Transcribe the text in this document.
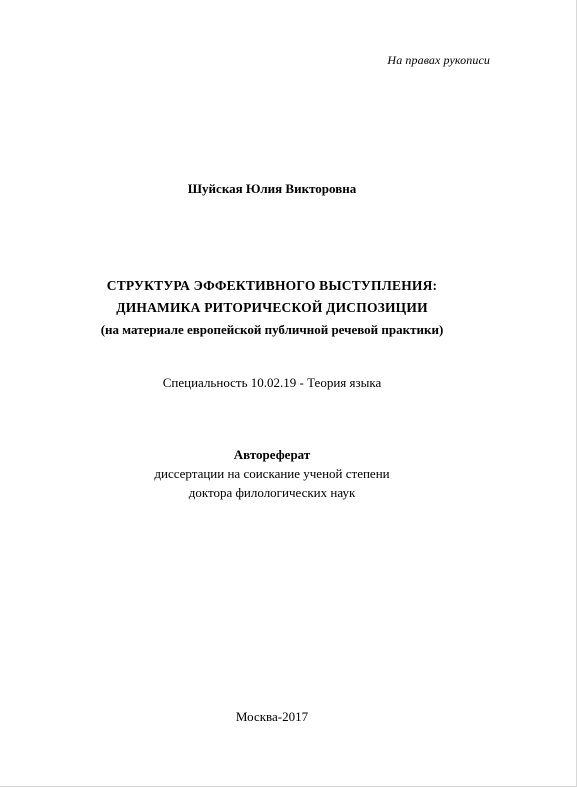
На правах рукописи
Шуйская Юлия Викторовна
СТРУКТУРА ЭФФЕКТИВНОГО ВЫСТУПЛЕНИЯ:
ДИНАМИКА РИТОРИЧЕСКОЙ ДИСПОЗИЦИИ
(на материале европейской публичной речевой практики)
Специальность 10.02.19 - Теория языка
Автореферат
диссертации на соискание ученой степени
доктора филологических наук
Москва-2017
